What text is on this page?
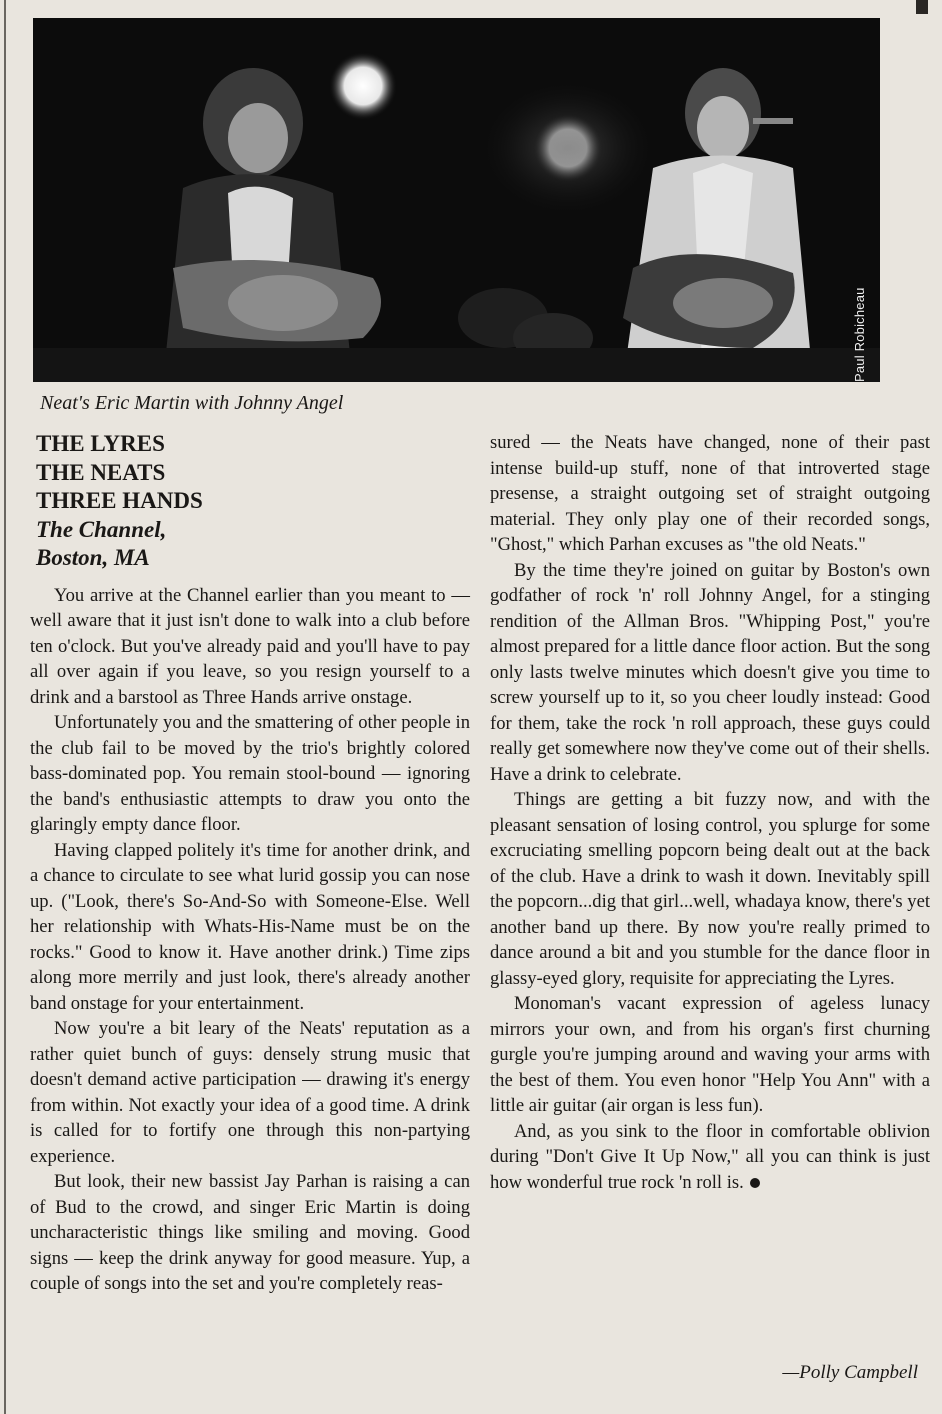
Paul Robicheau
Neat's Eric Martin with Johnny Angel
THE LYRES
THE NEATS
THREE HANDS
The Channel,
Boston, MA

You arrive at the Channel earlier than you meant to — well aware that it just isn't done to walk into a club before ten o'clock. But you've already paid and you'll have to pay all over again if you leave, so you resign yourself to a drink and a barstool as Three Hands arrive onstage.

Unfortunately you and the smattering of other people in the club fail to be moved by the trio's brightly colored bass-dominated pop. You remain stool-bound — ignoring the band's enthusiastic attempts to draw you onto the glaringly empty dance floor.

Having clapped politely it's time for another drink, and a chance to circulate to see what lurid gossip you can nose up. ("Look, there's So-And-So with Someone-Else. Well her relationship with Whats-His-Name must be on the rocks." Good to know it. Have another drink.) Time zips along more merrily and just look, there's already another band onstage for your entertainment.

Now you're a bit leary of the Neats' reputation as a rather quiet bunch of guys: densely strung music that doesn't demand active participation — drawing it's energy from within. Not exactly your idea of a good time. A drink is called for to fortify one through this non-partying experience.

But look, their new bassist Jay Parhan is raising a can of Bud to the crowd, and singer Eric Martin is doing uncharacteristic things like smiling and moving. Good signs — keep the drink anyway for good measure. Yup, a couple of songs into the set and you're completely reas-

sured — the Neats have changed, none of their past intense build-up stuff, none of that introverted stage presense, a straight outgoing set of straight outgoing material. They only play one of their recorded songs, "Ghost," which Parhan excuses as "the old Neats."

By the time they're joined on guitar by Boston's own godfather of rock 'n' roll Johnny Angel, for a stinging rendition of the Allman Bros. "Whipping Post," you're almost prepared for a little dance floor action. But the song only lasts twelve minutes which doesn't give you time to screw yourself up to it, so you cheer loudly instead: Good for them, take the rock 'n roll approach, these guys could really get somewhere now they've come out of their shells. Have a drink to celebrate.

Things are getting a bit fuzzy now, and with the pleasant sensation of losing control, you splurge for some excruciating smelling popcorn being dealt out at the back of the club. Have a drink to wash it down. Inevitably spill the popcorn...dig that girl...well, whadaya know, there's yet another band up there. By now you're really primed to dance around a bit and you stumble for the dance floor in glassy-eyed glory, requisite for appreciating the Lyres.

Monoman's vacant expression of ageless lunacy mirrors your own, and from his organ's first churning gurgle you're jumping around and waving your arms with the best of them. You even honor "Help You Ann" with a little air guitar (air organ is less fun).

And, as you sink to the floor in comfortable oblivion during "Don't Give It Up Now," all you can think is just how wonderful true rock 'n roll is.

—Polly Campbell
